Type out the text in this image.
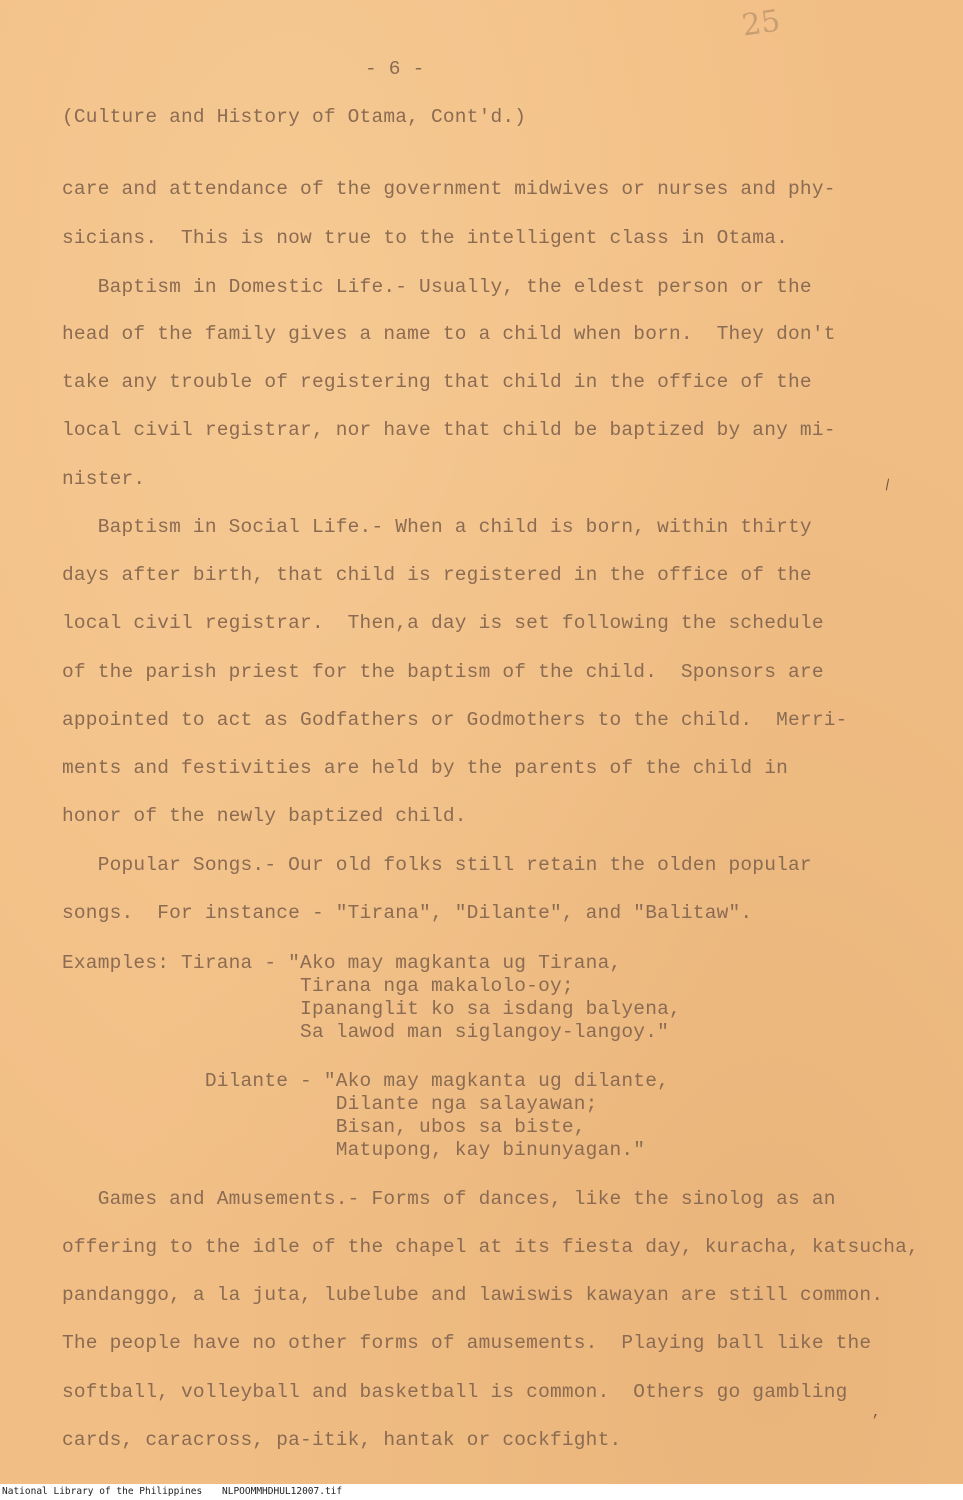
25
- 6 -
(Culture and History of Otama, Cont'd.)
care and attendance of the government midwives or nurses and phy-
sicians.  This is now true to the intelligent class in Otama.
Baptism in Domestic Life.- Usually, the eldest person or the
head of the family gives a name to a child when born.  They don't
take any trouble of registering that child in the office of the
local civil registrar, nor have that child be baptized by any mi-
nister.
Baptism in Social Life.- When a child is born, within thirty
days after birth, that child is registered in the office of the
local civil registrar.  Then,a day is set following the schedule
of the parish priest for the baptism of the child.  Sponsors are
appointed to act as Godfathers or Godmothers to the child.  Merri-
ments and festivities are held by the parents of the child in
honor of the newly baptized child.
Popular Songs.- Our old folks still retain the olden popular
songs.  For instance - "Tirana", "Dilante", and "Balitaw".
Examples: Tirana - "Ako may magkanta ug Tirana,
Tirana nga makalolo-oy;
Ipananglit ko sa isdang balyena,
Sa lawod man siglangoy-langoy."
Dilante - "Ako may magkanta ug dilante,
Dilante nga salayawan;
Bisan, ubos sa biste,
Matupong, kay binunyagan."
Games and Amusements.- Forms of dances, like the sinolog as an
offering to the idle of the chapel at its fiesta day, kuracha, katsucha,
pandanggo, a la juta, lubelube and lawiswis kawayan are still common.
The people have no other forms of amusements.  Playing ball like the
softball, volleyball and basketball is common.  Others go gambling
cards, caracross, pa-itik, hantak or cockfight.
\
,
National Library of the Philippines NLPOOMMHDHUL12007.tif
